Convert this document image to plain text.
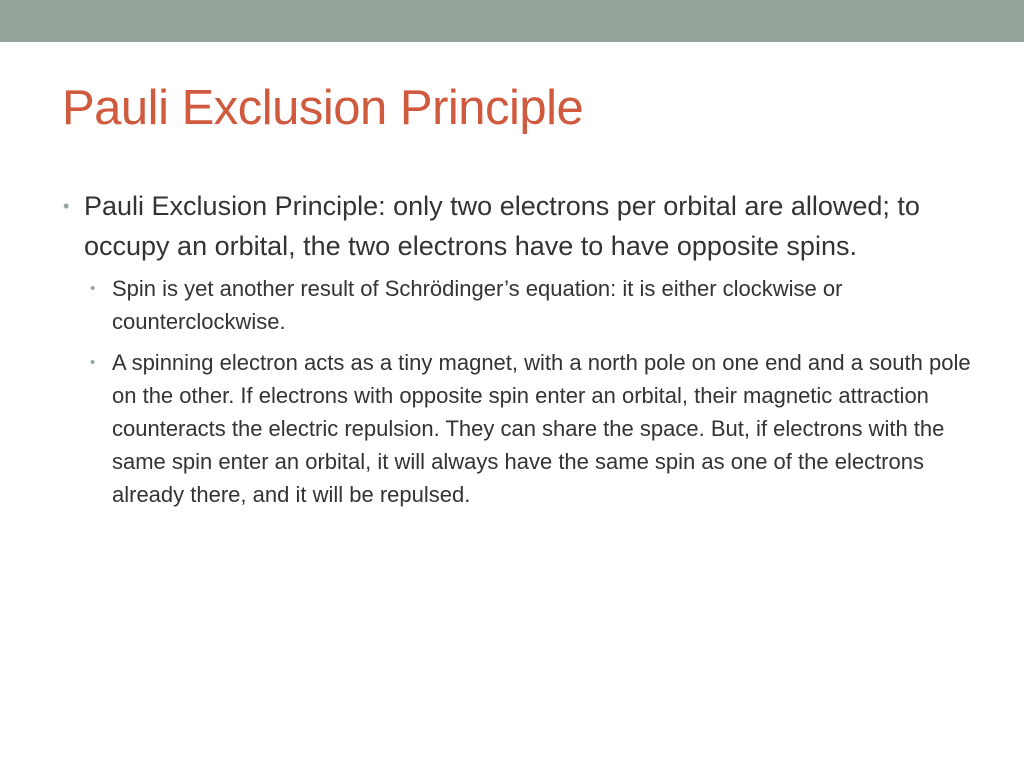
Pauli Exclusion Principle
• Pauli Exclusion Principle: only two electrons per orbital are allowed; to occupy an orbital, the two electrons have to have opposite spins.
• Spin is yet another result of Schrödinger’s equation: it is either clockwise or counterclockwise.
• A spinning electron acts as a tiny magnet, with a north pole on one end and a south pole on the other. If electrons with opposite spin enter an orbital, their magnetic attraction counteracts the electric repulsion. They can share the space. But, if electrons with the same spin enter an orbital, it will always have the same spin as one of the electrons already there, and it will be repulsed.
